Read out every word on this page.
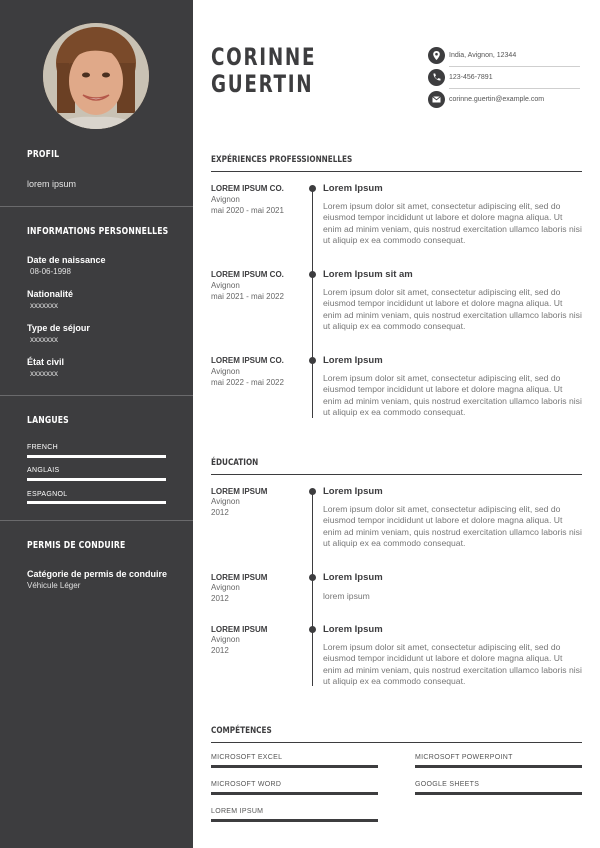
PROFIL
lorem ipsum
INFORMATIONS PERSONNELLES
Date de naissance
08-06-1998
Nationalité
xxxxxxx
Type de séjour
xxxxxxx
État civil
xxxxxxx
LANGUES
FRENCH
ANGLAIS
ESPAGNOL
PERMIS DE CONDUIRE
Catégorie de permis de conduire
Véhicule Léger
CORINNE
GUERTIN
India, Avignon, 12344
123-456-7891
corinne.guertin@example.com
EXPÉRIENCES PROFESSIONNELLES
LOREM IPSUM CO.
Avignon
mai 2020 - mai 2021
Lorem Ipsum
Lorem ipsum dolor sit amet, consectetur adipiscing elit, sed do eiusmod tempor incididunt ut labore et dolore magna aliqua. Ut enim ad minim veniam, quis nostrud exercitation ullamco laboris nisi ut aliquip ex ea commodo consequat.
LOREM IPSUM CO.
Avignon
mai 2021 - mai 2022
Lorem Ipsum sit am
Lorem ipsum dolor sit amet, consectetur adipiscing elit, sed do eiusmod tempor incididunt ut labore et dolore magna aliqua. Ut enim ad minim veniam, quis nostrud exercitation ullamco laboris nisi ut aliquip ex ea commodo consequat.
LOREM IPSUM CO.
Avignon
mai 2022 - mai 2022
Lorem Ipsum
Lorem ipsum dolor sit amet, consectetur adipiscing elit, sed do eiusmod tempor incididunt ut labore et dolore magna aliqua. Ut enim ad minim veniam, quis nostrud exercitation ullamco laboris nisi ut aliquip ex ea commodo consequat.
ÉDUCATION
LOREM IPSUM
Avignon
2012
Lorem Ipsum
Lorem ipsum dolor sit amet, consectetur adipiscing elit, sed do eiusmod tempor incididunt ut labore et dolore magna aliqua. Ut enim ad minim veniam, quis nostrud exercitation ullamco laboris nisi ut aliquip ex ea commodo consequat.
LOREM IPSUM
Avignon
2012
Lorem Ipsum
lorem ipsum
LOREM IPSUM
Avignon
2012
Lorem Ipsum
Lorem ipsum dolor sit amet, consectetur adipiscing elit, sed do eiusmod tempor incididunt ut labore et dolore magna aliqua. Ut enim ad minim veniam, quis nostrud exercitation ullamco laboris nisi ut aliquip ex ea commodo consequat.
COMPÉTENCES
MICROSOFT EXCEL	MICROSOFT POWERPOINT
MICROSOFT WORD	GOOGLE SHEETS
LOREM IPSUM
